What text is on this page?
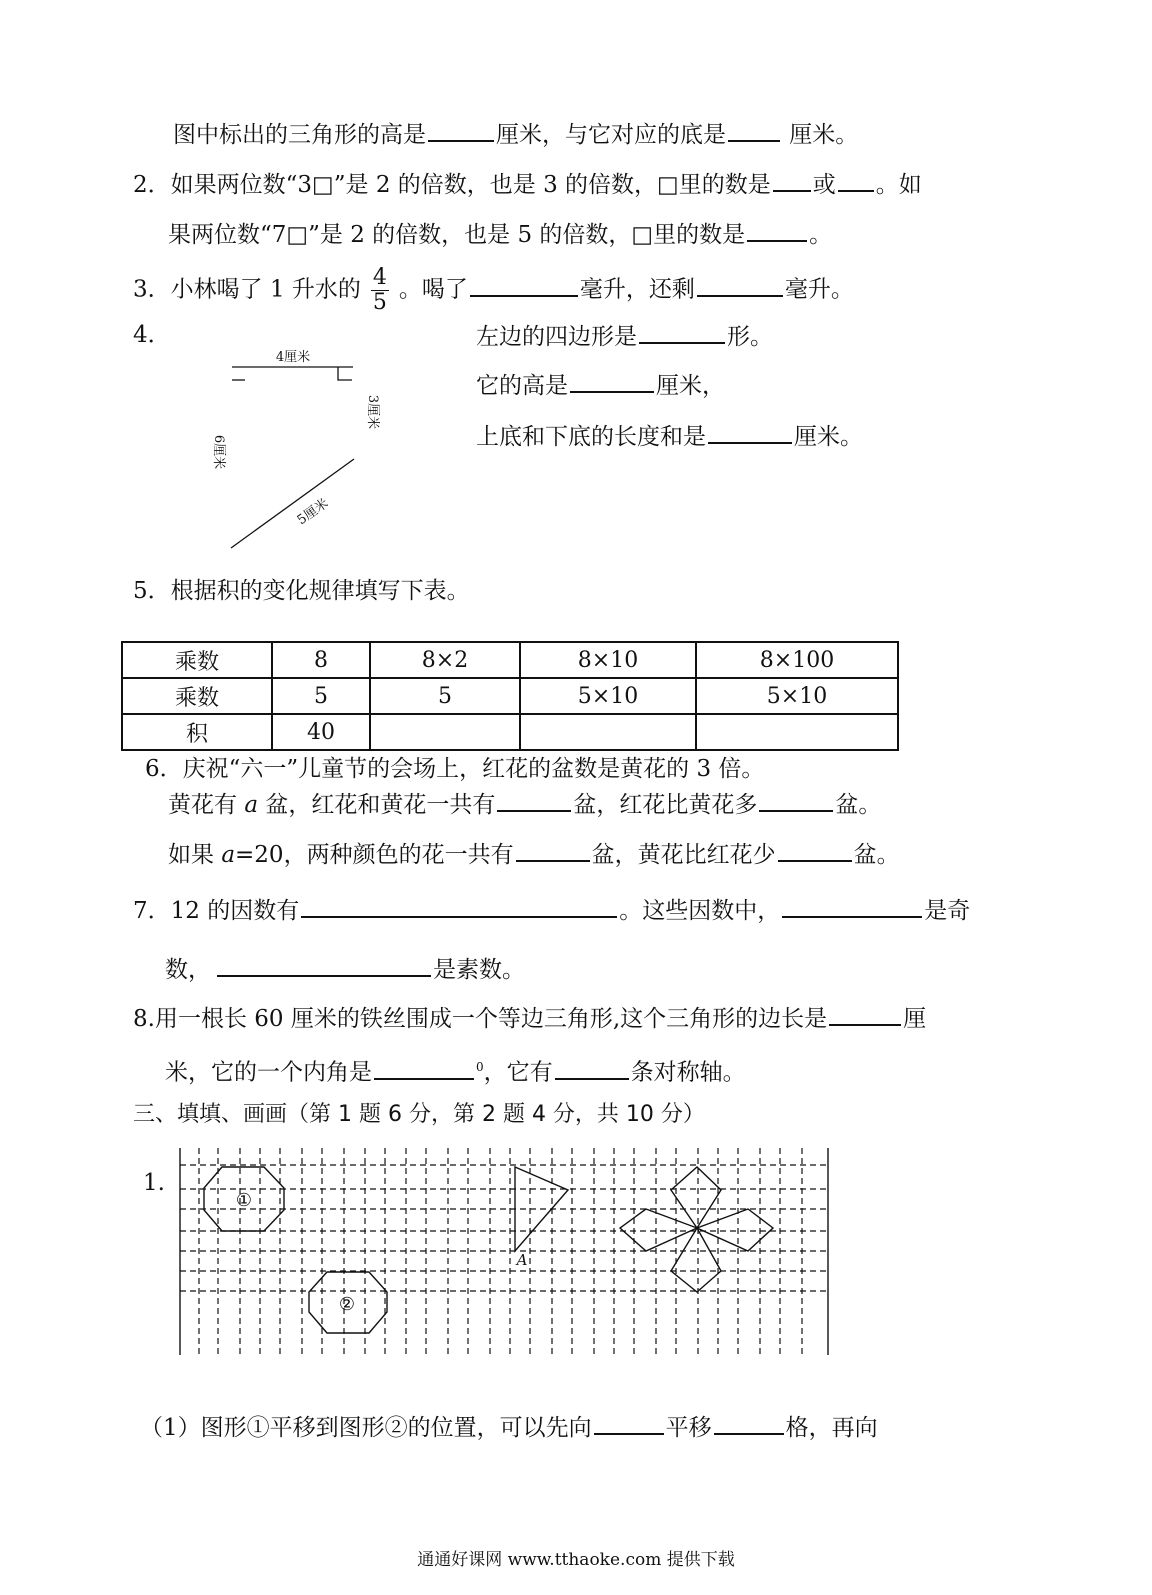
图中标出的三角形的高是	厘米，与它对应的底是 厘米。
2．如果两位数“3□”是 2 的倍数，也是 3 的倍数，□里的数是 或 。如
果两位数“7□”是 2 的倍数，也是 5 的倍数，□里的数是	。
3．小林喝了 1 升水的 $\frac{4}{5}$ 。喝了	毫升，还剩	毫升。
4．	左边的四边形是	形。
它的高是	厘米，
上底和下底的长度和是	厘米。
4厘米
3厘米
6厘米
5厘米
5．根据积的变化规律填写下表。
乘数	8	8×2	8×10	8×100
乘数	5	5	5×10	5×10
积	40			
6．庆祝“六一”儿童节的会场上，红花的盆数是黄花的 3 倍。
黄花有 a 盆，红花和黄花一共有	盆，红花比黄花多	盆。
如果 a=20，两种颜色的花一共有	盆，黄花比红花少	盆。
7．12 的因数有	。这些因数中，	是奇
数，	是素数。
8.用一根长 60 厘米的铁丝围成一个等边三角形,这个三角形的边长是	厘
米，它的一个内角是	$^0$，它有	条对称轴。
三、填填、画画（第 1 题 6 分，第 2 题 4 分，共 10 分）
1.
①
②
A
（1）图形①平移到图形②的位置，可以先向	平移	格，再向
通通好课网 www.tthaoke.com 提供下载
